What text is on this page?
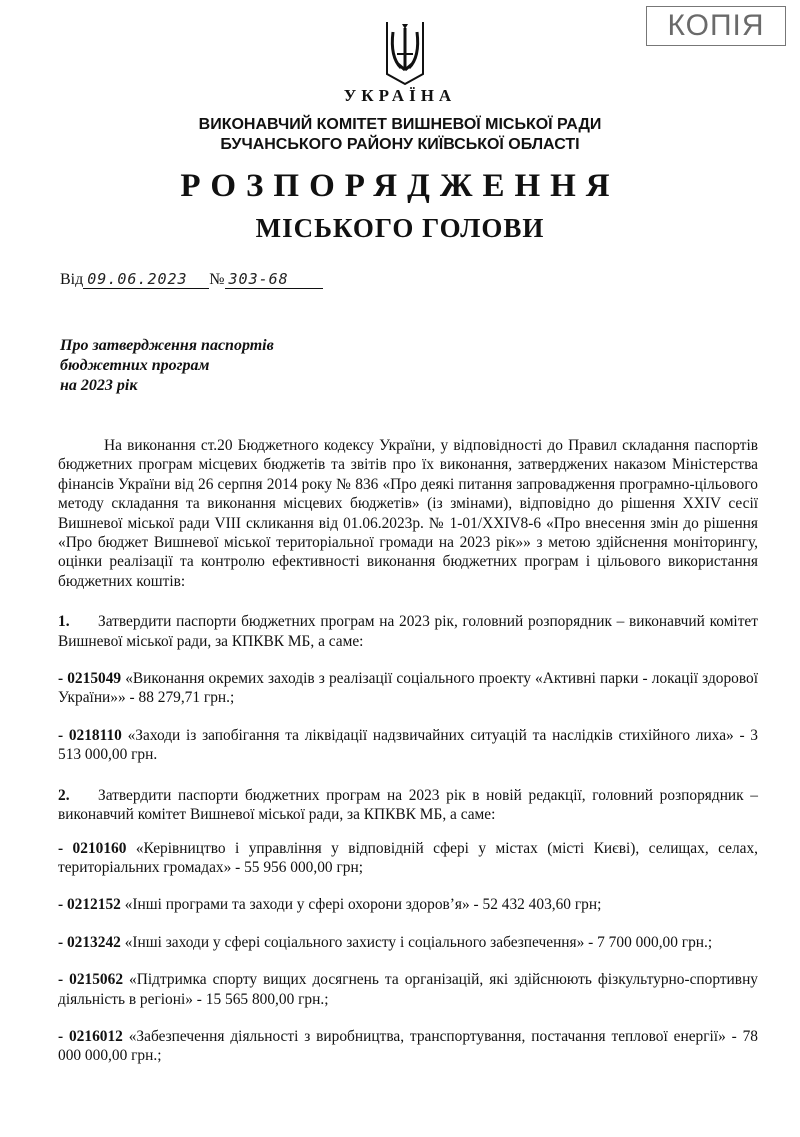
КОПІЯ
УКРАЇНА
ВИКОНАВЧИЙ КОМІТЕТ ВИШНЕВОЇ МІСЬКОЇ РАДИ
БУЧАНСЬКОГО РАЙОНУ КИЇВСЬКОЇ ОБЛАСТІ
РОЗПОРЯДЖЕННЯ
МІСЬКОГО ГОЛОВИ
Від 09.06.2023	№ 303-68
Про затвердження паспортів
бюджетних програм
на 2023 рік

На виконання ст.20 Бюджетного кодексу України, у відповідності до Правил складання паспортів бюджетних програм місцевих бюджетів та звітів про їх виконання, затверджених наказом Міністерства фінансів України від 26 серпня 2014 року № 836 «Про деякі питання запровадження програмно-цільового методу складання та виконання місцевих бюджетів» (із змінами), відповідно до рішення XXIV сесії Вишневої міської ради VIII скликання від 01.06.2023р. № 1-01/XXIV8-6 «Про внесення змін до рішення «Про бюджет Вишневої міської територіальної громади на 2023 рік»» з метою здійснення моніторингу, оцінки реалізації та контролю ефективності виконання бюджетних програм і цільового використання бюджетних коштів:

1. Затвердити паспорти бюджетних програм на 2023 рік, головний розпорядник – виконавчий комітет Вишневої міської ради, за КПКВК МБ, а саме:

- 0215049 «Виконання окремих заходів з реалізації соціального проекту «Активні парки - локації здорової України»» - 88 279,71 грн.;

- 0218110 «Заходи із запобігання та ліквідації надзвичайних ситуацій та наслідків стихійного лиха» - 3 513 000,00 грн.

2. Затвердити паспорти бюджетних програм на 2023 рік в новій редакції, головний розпорядник – виконавчий комітет Вишневої міської ради, за КПКВК МБ, а саме:

- 0210160 «Керівництво і управління у відповідній сфері у містах (місті Києві), селищах, селах, територіальних громадах» - 55 956 000,00 грн;

- 0212152 «Інші програми та заходи у сфері охорони здоров’я» - 52 432 403,60 грн;

- 0213242 «Інші заходи у сфері соціального захисту і соціального забезпечення» - 7 700 000,00 грн.;

- 0215062 «Підтримка спорту вищих досягнень та організацій, які здійснюють фізкультурно-спортивну діяльність в регіоні» - 15 565 800,00 грн.;

- 0216012 «Забезпечення діяльності з виробництва, транспортування, постачання теплової енергії» - 78 000 000,00 грн.;
